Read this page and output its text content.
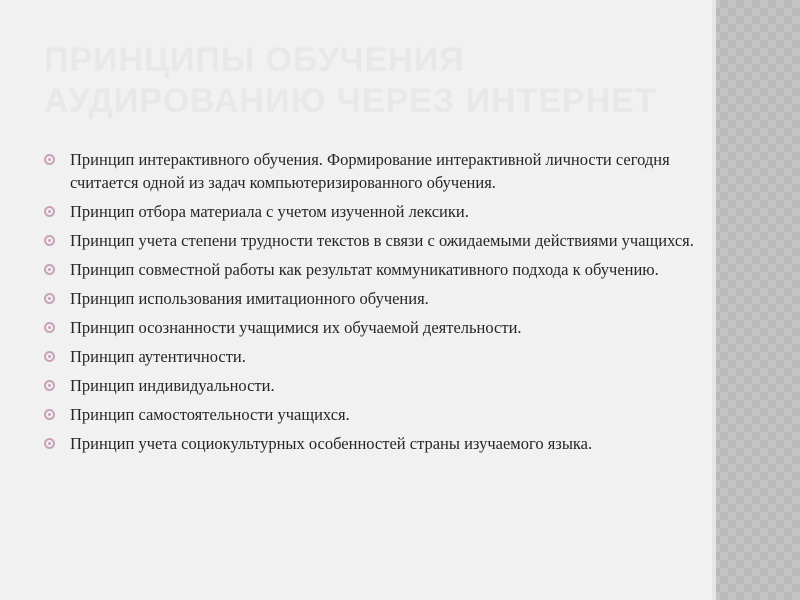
ПРИНЦИПЫ ОБУЧЕНИЯ АУДИРОВАНИЮ ЧЕРЕЗ ИНТЕРНЕТ
Принцип интерактивного обучения. Формирование интерактивной личности сегодня считается одной из задач компьютеризированного обучения.
Принцип отбора материала с учетом изученной лексики.
Принцип учета степени трудности текстов в связи с ожидаемыми действиями учащихся.
Принцип совместной работы как результат коммуникативного подхода к обучению.
Принцип использования имитационного обучения.
Принцип осознанности учащимися их обучаемой деятельности.
Принцип аутентичности.
Принцип индивидуальности.
Принцип самостоятельности учащихся.
Принцип учета социокультурных особенностей страны изучаемого языка.
